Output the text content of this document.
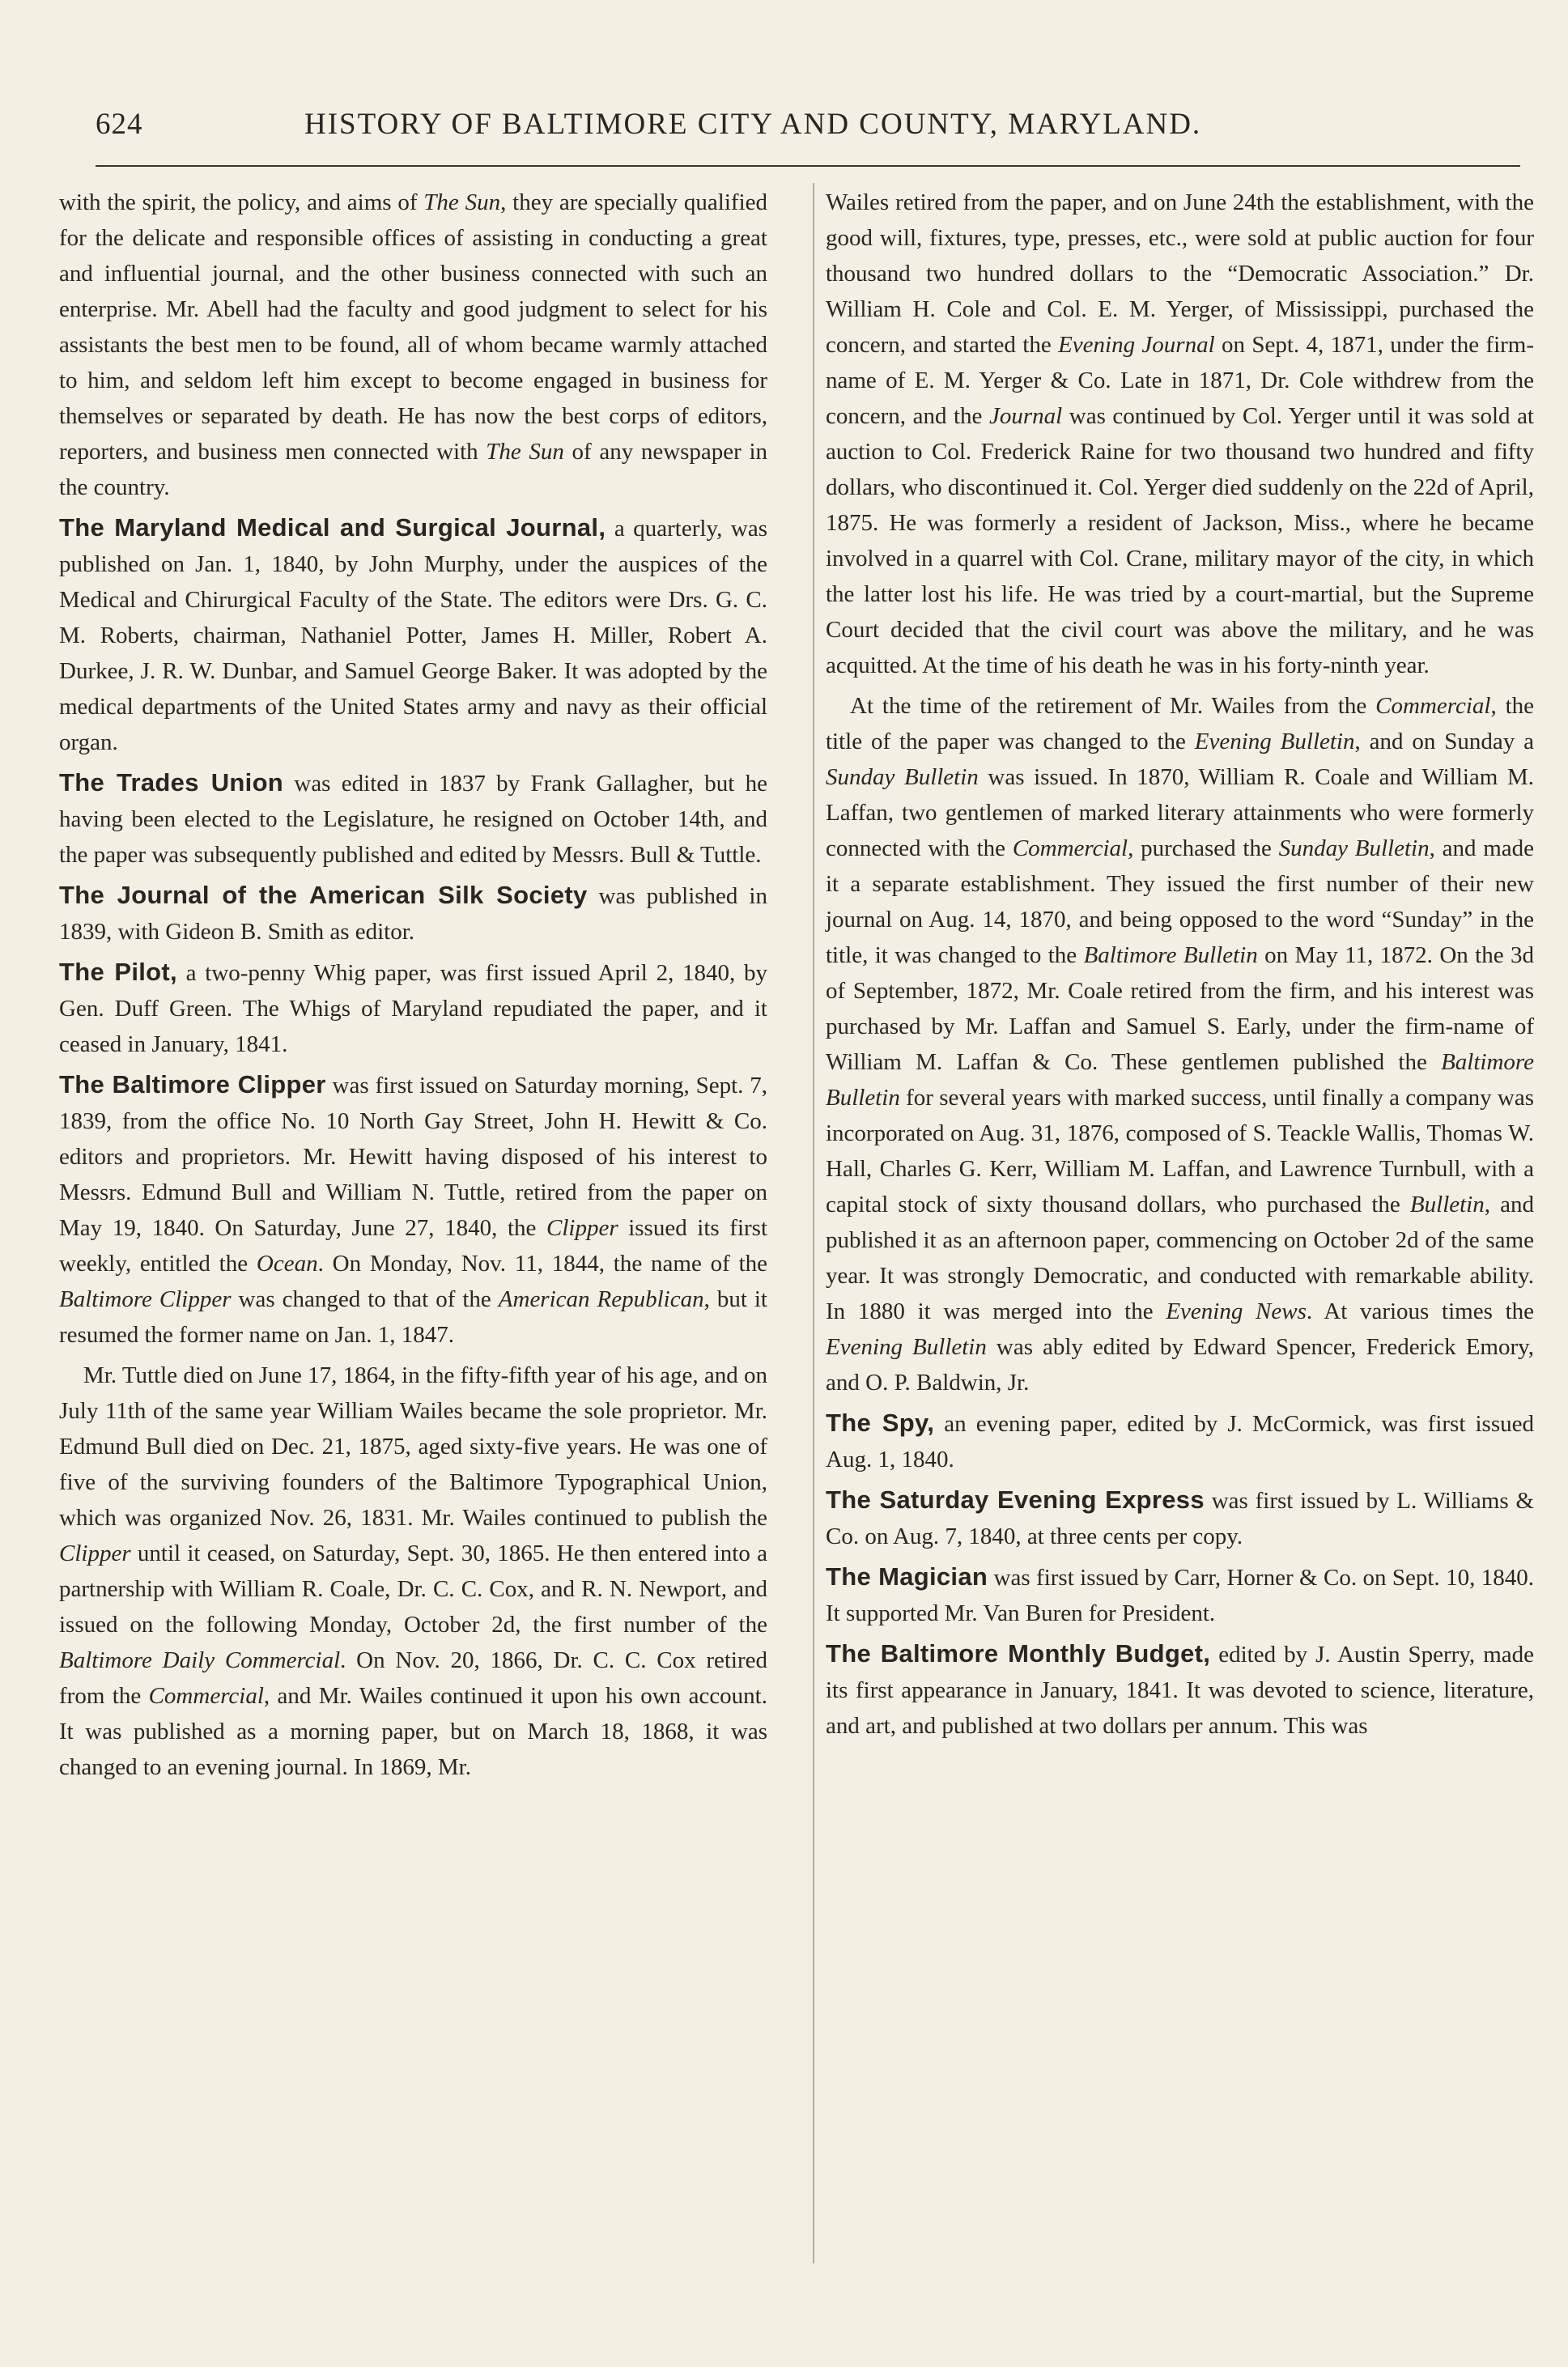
624	HISTORY OF BALTIMORE CITY AND COUNTY, MARYLAND.

with the spirit, the policy, and aims of The Sun, they are specially qualified for the delicate and responsible offices of assisting in conducting a great and influential journal, and the other business connected with such an enterprise. Mr. Abell had the faculty and good judgment to select for his assistants the best men to be found, all of whom became warmly attached to him, and seldom left him except to become engaged in business for themselves or separated by death. He has now the best corps of editors, reporters, and business men connected with The Sun of any newspaper in the country.

The Maryland Medical and Surgical Journal, a quarterly, was published on Jan. 1, 1840, by John Murphy, under the auspices of the Medical and Chirurgical Faculty of the State. The editors were Drs. G. C. M. Roberts, chairman, Nathaniel Potter, James H. Miller, Robert A. Durkee, J. R. W. Dunbar, and Samuel George Baker. It was adopted by the medical departments of the United States army and navy as their official organ.

The Trades Union was edited in 1837 by Frank Gallagher, but he having been elected to the Legislature, he resigned on October 14th, and the paper was subsequently published and edited by Messrs. Bull & Tuttle.

The Journal of the American Silk Society was published in 1839, with Gideon B. Smith as editor.

The Pilot, a two-penny Whig paper, was first issued April 2, 1840, by Gen. Duff Green. The Whigs of Maryland repudiated the paper, and it ceased in January, 1841.

The Baltimore Clipper was first issued on Saturday morning, Sept. 7, 1839, from the office No. 10 North Gay Street, John H. Hewitt & Co. editors and proprietors. Mr. Hewitt having disposed of his interest to Messrs. Edmund Bull and William N. Tuttle, retired from the paper on May 19, 1840. On Saturday, June 27, 1840, the Clipper issued its first weekly, entitled the Ocean. On Monday, Nov. 11, 1844, the name of the Baltimore Clipper was changed to that of the American Republican, but it resumed the former name on Jan. 1, 1847.

Mr. Tuttle died on June 17, 1864, in the fifty-fifth year of his age, and on July 11th of the same year William Wailes became the sole proprietor. Mr. Edmund Bull died on Dec. 21, 1875, aged sixty-five years. He was one of five of the surviving founders of the Baltimore Typographical Union, which was organized Nov. 26, 1831. Mr. Wailes continued to publish the Clipper until it ceased, on Saturday, Sept. 30, 1865. He then entered into a partnership with William R. Coale, Dr. C. C. Cox, and R. N. Newport, and issued on the following Monday, October 2d, the first number of the Baltimore Daily Commercial. On Nov. 20, 1866, Dr. C. C. Cox retired from the Commercial, and Mr. Wailes continued it upon his own account. It was published as a morning paper, but on March 18, 1868, it was changed to an evening journal. In 1869, Mr.

Wailes retired from the paper, and on June 24th the establishment, with the good will, fixtures, type, presses, etc., were sold at public auction for four thousand two hundred dollars to the “Democratic Association.” Dr. William H. Cole and Col. E. M. Yerger, of Mississippi, purchased the concern, and started the Evening Journal on Sept. 4, 1871, under the firm-name of E. M. Yerger & Co. Late in 1871, Dr. Cole withdrew from the concern, and the Journal was continued by Col. Yerger until it was sold at auction to Col. Frederick Raine for two thousand two hundred and fifty dollars, who discontinued it. Col. Yerger died suddenly on the 22d of April, 1875. He was formerly a resident of Jackson, Miss., where he became involved in a quarrel with Col. Crane, military mayor of the city, in which the latter lost his life. He was tried by a court-martial, but the Supreme Court decided that the civil court was above the military, and he was acquitted. At the time of his death he was in his forty-ninth year.

At the time of the retirement of Mr. Wailes from the Commercial, the title of the paper was changed to the Evening Bulletin, and on Sunday a Sunday Bulletin was issued. In 1870, William R. Coale and William M. Laffan, two gentlemen of marked literary attainments who were formerly connected with the Commercial, purchased the Sunday Bulletin, and made it a separate establishment. They issued the first number of their new journal on Aug. 14, 1870, and being opposed to the word “Sunday” in the title, it was changed to the Baltimore Bulletin on May 11, 1872. On the 3d of September, 1872, Mr. Coale retired from the firm, and his interest was purchased by Mr. Laffan and Samuel S. Early, under the firm-name of William M. Laffan & Co. These gentlemen published the Baltimore Bulletin for several years with marked success, until finally a company was incorporated on Aug. 31, 1876, composed of S. Teackle Wallis, Thomas W. Hall, Charles G. Kerr, William M. Laffan, and Lawrence Turnbull, with a capital stock of sixty thousand dollars, who purchased the Bulletin, and published it as an afternoon paper, commencing on October 2d of the same year. It was strongly Democratic, and conducted with remarkable ability. In 1880 it was merged into the Evening News. At various times the Evening Bulletin was ably edited by Edward Spencer, Frederick Emory, and O. P. Baldwin, Jr.

The Spy, an evening paper, edited by J. McCormick, was first issued Aug. 1, 1840.

The Saturday Evening Express was first issued by L. Williams & Co. on Aug. 7, 1840, at three cents per copy.

The Magician was first issued by Carr, Horner & Co. on Sept. 10, 1840. It supported Mr. Van Buren for President.

The Baltimore Monthly Budget, edited by J. Austin Sperry, made its first appearance in January, 1841. It was devoted to science, literature, and art, and published at two dollars per annum. This was
